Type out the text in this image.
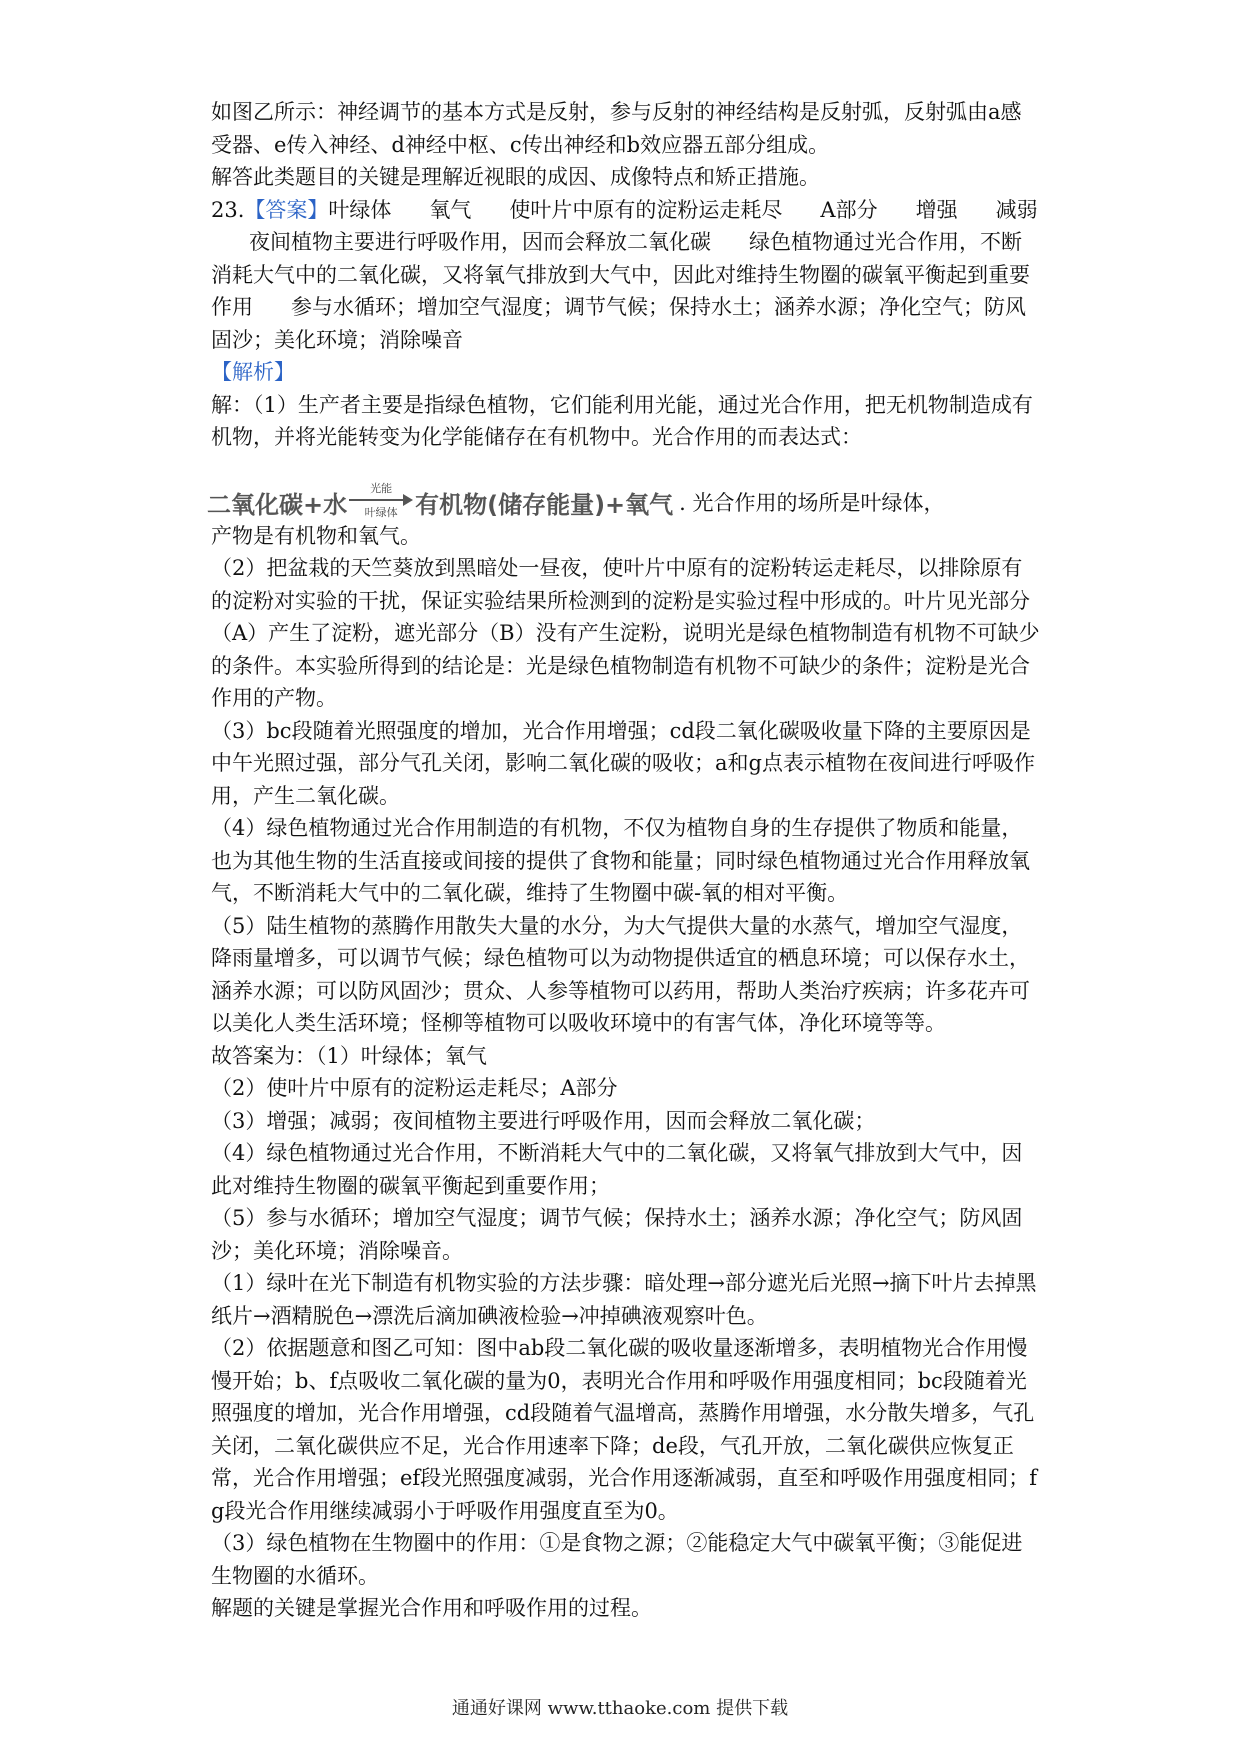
如图乙所示：神经调节的基本方式是反射，参与反射的神经结构是反射弧，反射弧由a感受器、e传入神经、d神经中枢、c传出神经和b效应器五部分组成。

解答此类题目的关键是理解近视眼的成因、成像特点和矫正措施。

23.【答案】叶绿体 氧气 使叶片中原有的淀粉运走耗尽 A部分 增强 减弱夜间植物主要进行呼吸作用，因而会释放二氧化碳 绿色植物通过光合作用，不断消耗大气中的二氧化碳，又将氧气排放到大气中，因此对维持生物圈的碳氧平衡起到重要作用 参与水循环；增加空气湿度；调节气候；保持水土；涵养水源；净化空气；防风固沙；美化环境；消除噪音

【解析】

解：（1）生产者主要是指绿色植物，它们能利用光能，通过光合作用，把无机物制造成有机物，并将光能转变为化学能储存在有机物中。光合作用的而表达式：

二氧化碳+水
光能
叶绿体 有机物(储存能量)+氧气 . 光合作用的场所是叶绿体，

产物是有机物和氧气。

（2）把盆栽的天竺葵放到黑暗处一昼夜，使叶片中原有的淀粉转运走耗尽，以排除原有的淀粉对实验的干扰，保证实验结果所检测到的淀粉是实验过程中形成的。叶片见光部分（A）产生了淀粉，遮光部分（B）没有产生淀粉，说明光是绿色植物制造有机物不可缺少的条件。本实验所得到的结论是：光是绿色植物制造有机物不可缺少的条件；淀粉是光合作用的产物。

（3）bc段随着光照强度的增加，光合作用增强；cd段二氧化碳吸收量下降的主要原因是中午光照过强，部分气孔关闭，影响二氧化碳的吸收；a和g点表示植物在夜间进行呼吸作用，产生二氧化碳。

（4）绿色植物通过光合作用制造的有机物，不仅为植物自身的生存提供了物质和能量，也为其他生物的生活直接或间接的提供了食物和能量；同时绿色植物通过光合作用释放氧气，不断消耗大气中的二氧化碳，维持了生物圈中碳-氧的相对平衡。

（5）陆生植物的蒸腾作用散失大量的水分，为大气提供大量的水蒸气，增加空气湿度，降雨量增多，可以调节气候；绿色植物可以为动物提供适宜的栖息环境；可以保存水土，涵养水源；可以防风固沙；贯众、人参等植物可以药用，帮助人类治疗疾病；许多花卉可以美化人类生活环境；怪柳等植物可以吸收环境中的有害气体，净化环境等等。

故答案为：（1）叶绿体；氧气

（2）使叶片中原有的淀粉运走耗尽；A部分

（3）增强；减弱；夜间植物主要进行呼吸作用，因而会释放二氧化碳；

（4）绿色植物通过光合作用，不断消耗大气中的二氧化碳，又将氧气排放到大气中，因此对维持生物圈的碳氧平衡起到重要作用；

（5）参与水循环；增加空气湿度；调节气候；保持水土；涵养水源；净化空气；防风固沙；美化环境；消除噪音。

（1）绿叶在光下制造有机物实验的方法步骤：暗处理→部分遮光后光照→摘下叶片去掉黑纸片→酒精脱色→漂洗后滴加碘液检验→冲掉碘液观察叶色。

（2）依据题意和图乙可知：图中ab段二氧化碳的吸收量逐渐增多，表明植物光合作用慢慢开始；b、f点吸收二氧化碳的量为0，表明光合作用和呼吸作用强度相同；bc段随着光照强度的增加，光合作用增强，cd段随着气温增高，蒸腾作用增强，水分散失增多，气孔关闭，二氧化碳供应不足，光合作用速率下降；de段，气孔开放，二氧化碳供应恢复正常，光合作用增强；ef段光照强度减弱，光合作用逐渐减弱，直至和呼吸作用强度相同；fg段光合作用继续减弱小于呼吸作用强度直至为0。

（3）绿色植物在生物圈中的作用：①是食物之源；②能稳定大气中碳氧平衡；③能促进生物圈的水循环。

解题的关键是掌握光合作用和呼吸作用的过程。

通通好课网 www.tthaoke.com 提供下载
